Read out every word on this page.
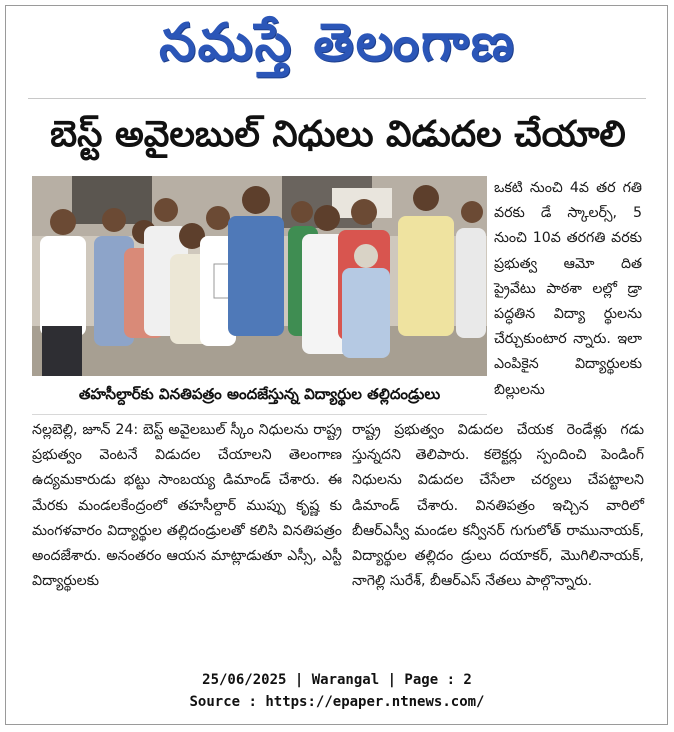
నమస్తే తెలంగాణ
బెస్ట్ అవైలబుల్ నిధులు విడుదల చేయాలి
తహసీల్దార్‌కు వినతిపత్రం అందజేస్తున్న విద్యార్థుల తల్లిదండ్రులు
ఒకటి నుంచి 4వ తర గతి వరకు డే స్కాలర్స్, 5 నుంచి 10వ తరగతి వరకు ప్రభుత్వ ఆమో దిత ప్రైవేటు పాఠశా లల్లో డ్రా పద్ధతిన విద్యా ర్థులను చేర్చుకుంటార న్నారు. ఇలా ఎంపికైన విద్యార్థులకు బిల్లులను
నల్లబెల్లి, జూన్ 24: బెస్ట్ అవైలబుల్ స్కీం నిధులను రాష్ట్ర ప్రభుత్వం వెంటనే విడుదల చేయాలని తెలంగాణ ఉద్యమకారుడు భట్టు సాంబయ్య డిమాండ్ చేశారు. ఈ మేరకు మండలకేంద్రంలో తహసీల్దార్ ముప్పు కృష్ణ కు మంగళవారం విద్యార్థుల తల్లిదండ్రులతో కలిసి వినతిపత్రం అందజేశారు. అనంతరం ఆయన మాట్లాడుతూ ఎస్సీ, ఎస్టీ విద్యార్థులకు
రాష్ట్ర ప్రభుత్వం విడుదల చేయక రెండేళ్లు గడు స్తున్నదని తెలిపారు. కలెక్టర్లు స్పందించి పెండింగ్ నిధులను విడుదల చేసేలా చర్యలు చేపట్టాలని డిమాండ్ చేశారు. వినతిపత్రం ఇచ్చిన వారిలో బీఆర్ఎస్వీ మండల కన్వీనర్ గుగులోత్ రామునాయక్, విద్యార్థుల తల్లిదం డ్రులు దయాకర్, మొగిలినాయక్, నాగెల్లి సురేశ్, బీఆర్ఎస్ నేతలు పాల్గొన్నారు.
25/06/2025 | Warangal | Page : 2
Source : https://epaper.ntnews.com/
